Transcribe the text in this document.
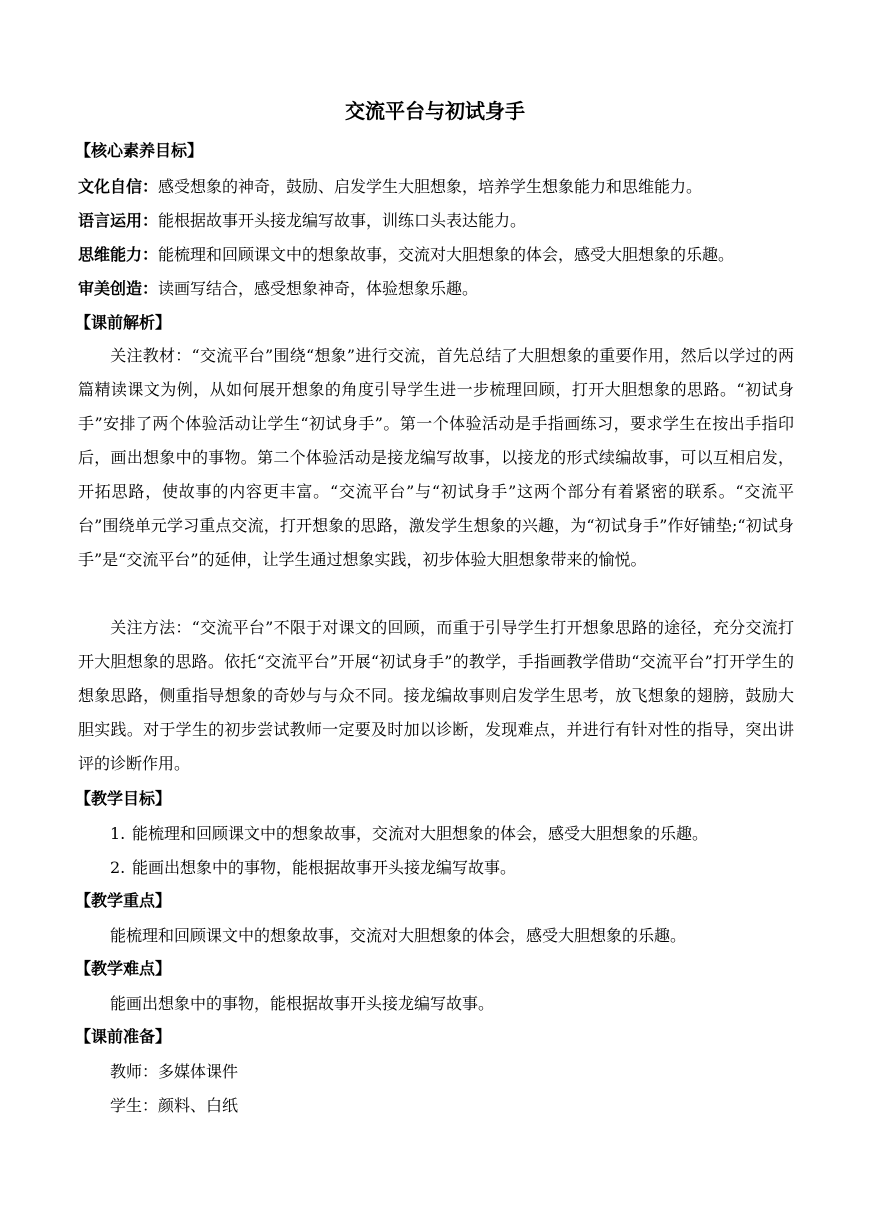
交流平台与初试身手
【核心素养目标】
文化自信：感受想象的神奇，鼓励、启发学生大胆想象，培养学生想象能力和思维能力。
语言运用：能根据故事开头接龙编写故事，训练口头表达能力。
思维能力：能梳理和回顾课文中的想象故事，交流对大胆想象的体会，感受大胆想象的乐趣。
审美创造：读画写结合，感受想象神奇，体验想象乐趣。
【课前解析】
关注教材：“交流平台”围绕“想象”进行交流，首先总结了大胆想象的重要作用，然后以学过的两篇精读课文为例，从如何展开想象的角度引导学生进一步梳理回顾，打开大胆想象的思路。“初试身手”安排了两个体验活动让学生“初试身手”。第一个体验活动是手指画练习，要求学生在按出手指印后，画出想象中的事物。第二个体验活动是接龙编写故事，以接龙的形式续编故事，可以互相启发，开拓思路，使故事的内容更丰富。“交流平台”与“初试身手”这两个部分有着紧密的联系。“交流平台”围绕单元学习重点交流，打开想象的思路，激发学生想象的兴趣，为“初试身手”作好铺垫;“初试身手”是“交流平台”的延伸，让学生通过想象实践，初步体验大胆想象带来的愉悦。
关注方法：“交流平台”不限于对课文的回顾，而重于引导学生打开想象思路的途径，充分交流打开大胆想象的思路。依托“交流平台”开展“初试身手”的教学，手指画教学借助“交流平台”打开学生的想象思路，侧重指导想象的奇妙与与众不同。接龙编故事则启发学生思考，放飞想象的翅膀，鼓励大胆实践。对于学生的初步尝试教师一定要及时加以诊断，发现难点，并进行有针对性的指导，突出讲评的诊断作用。
【教学目标】
1. 能梳理和回顾课文中的想象故事，交流对大胆想象的体会，感受大胆想象的乐趣。
2. 能画出想象中的事物，能根据故事开头接龙编写故事。
【教学重点】
能梳理和回顾课文中的想象故事，交流对大胆想象的体会，感受大胆想象的乐趣。
【教学难点】
能画出想象中的事物，能根据故事开头接龙编写故事。
【课前准备】
教师：多媒体课件
学生：颜料、白纸
